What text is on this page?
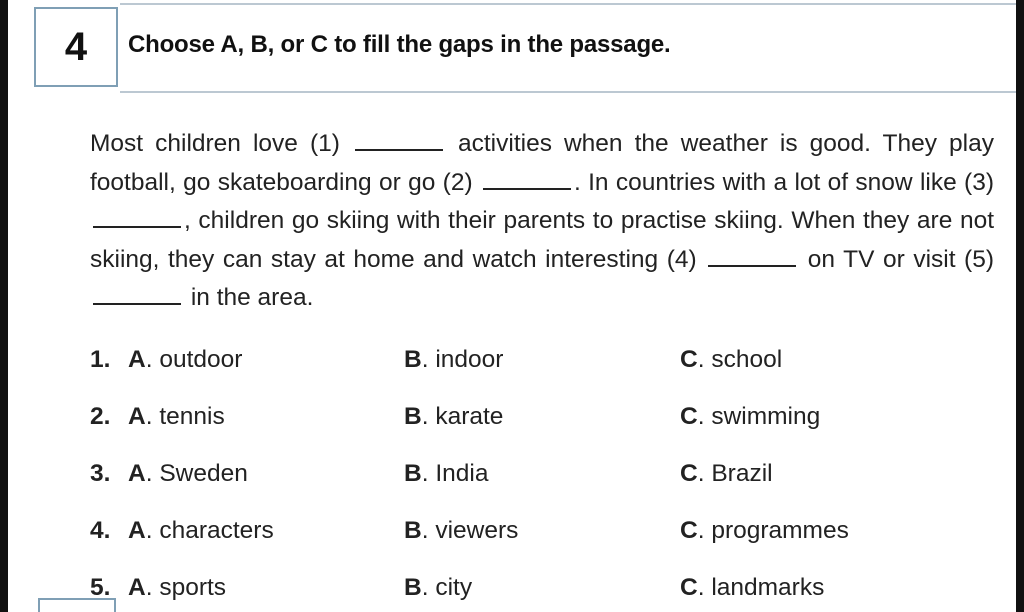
4 Choose A, B, or C to fill the gaps in the passage.
Most children love (1)	activities when the weather is good. They play football, go skateboarding or go (2)	. In countries with a lot of snow like (3) , children go skiing with their parents to practise skiing. When they are not skiing, they can stay at home and watch interesting (4)	on TV or visit (5)  in the area.
1. A. outdoor	B. indoor	C. school
2. A. tennis	B. karate	C. swimming
3. A. Sweden	B. India	C. Brazil
4. A. characters	B. viewers	C. programmes
5. A. sports	B. city	C. landmarks
